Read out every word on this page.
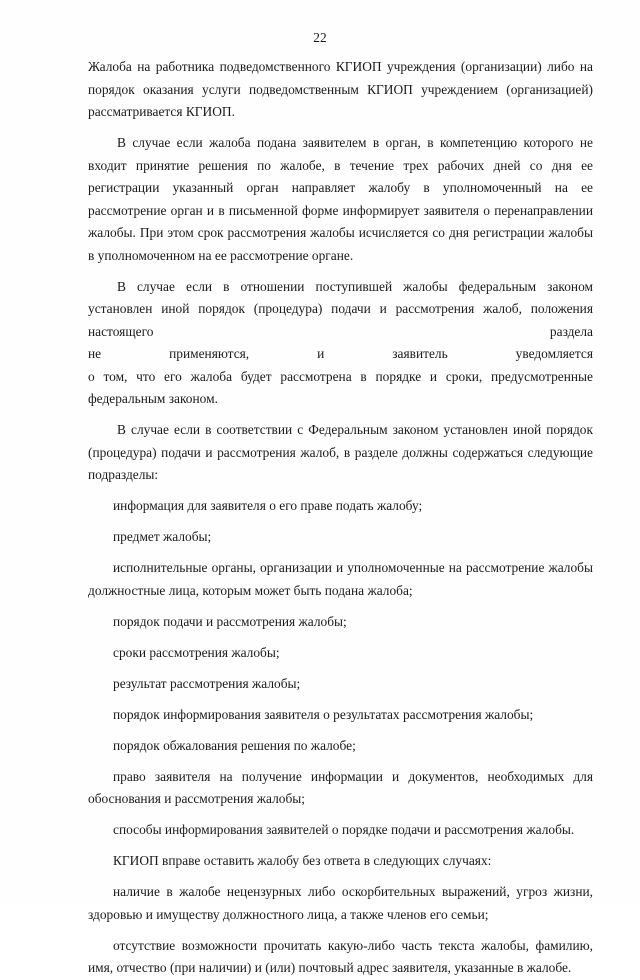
22

Жалоба на работника подведомственного КГИОП учреждения (организации) либо на порядок оказания услуги подведомственным КГИОП учреждением (организацией) рассматривается КГИОП.

В случае если жалоба подана заявителем в орган, в компетенцию которого не входит принятие решения по жалобе, в течение трех рабочих дней со дня ее регистрации указанный орган направляет жалобу в уполномоченный на ее рассмотрение орган и в письменной форме информирует заявителя о перенаправлении жалобы. При этом срок рассмотрения жалобы исчисляется со дня регистрации жалобы в уполномоченном на ее рассмотрение органе.

В случае если в отношении поступившей жалобы федеральным законом установлен иной порядок (процедура) подачи и рассмотрения жалоб, положения настоящего раздела
не	применяются,	и	заявитель	уведомляется
о том, что его жалоба будет рассмотрена в порядке и сроки, предусмотренные федеральным законом.

В случае если в соответствии с Федеральным законом установлен иной порядок (процедура) подачи и рассмотрения жалоб, в разделе должны содержаться следующие подразделы:

информация для заявителя о его праве подать жалобу;

предмет жалобы;

исполнительные органы, организации и уполномоченные на рассмотрение жалобы должностные лица, которым может быть подана жалоба;

порядок подачи и рассмотрения жалобы;

сроки рассмотрения жалобы;

результат рассмотрения жалобы;

порядок информирования заявителя о результатах рассмотрения жалобы;

порядок обжалования решения по жалобе;

право заявителя на получение информации и документов, необходимых для обоснования и рассмотрения жалобы;

способы информирования заявителей о порядке подачи и рассмотрения жалобы.

КГИОП вправе оставить жалобу без ответа в следующих случаях:

наличие в жалобе нецензурных либо оскорбительных выражений, угроз жизни, здоровью и имуществу должностного лица, а также членов его семьи;

отсутствие возможности прочитать какую-либо часть текста жалобы, фамилию, имя, отчество (при наличии) и (или) почтовый адрес заявителя, указанные в жалобе.
